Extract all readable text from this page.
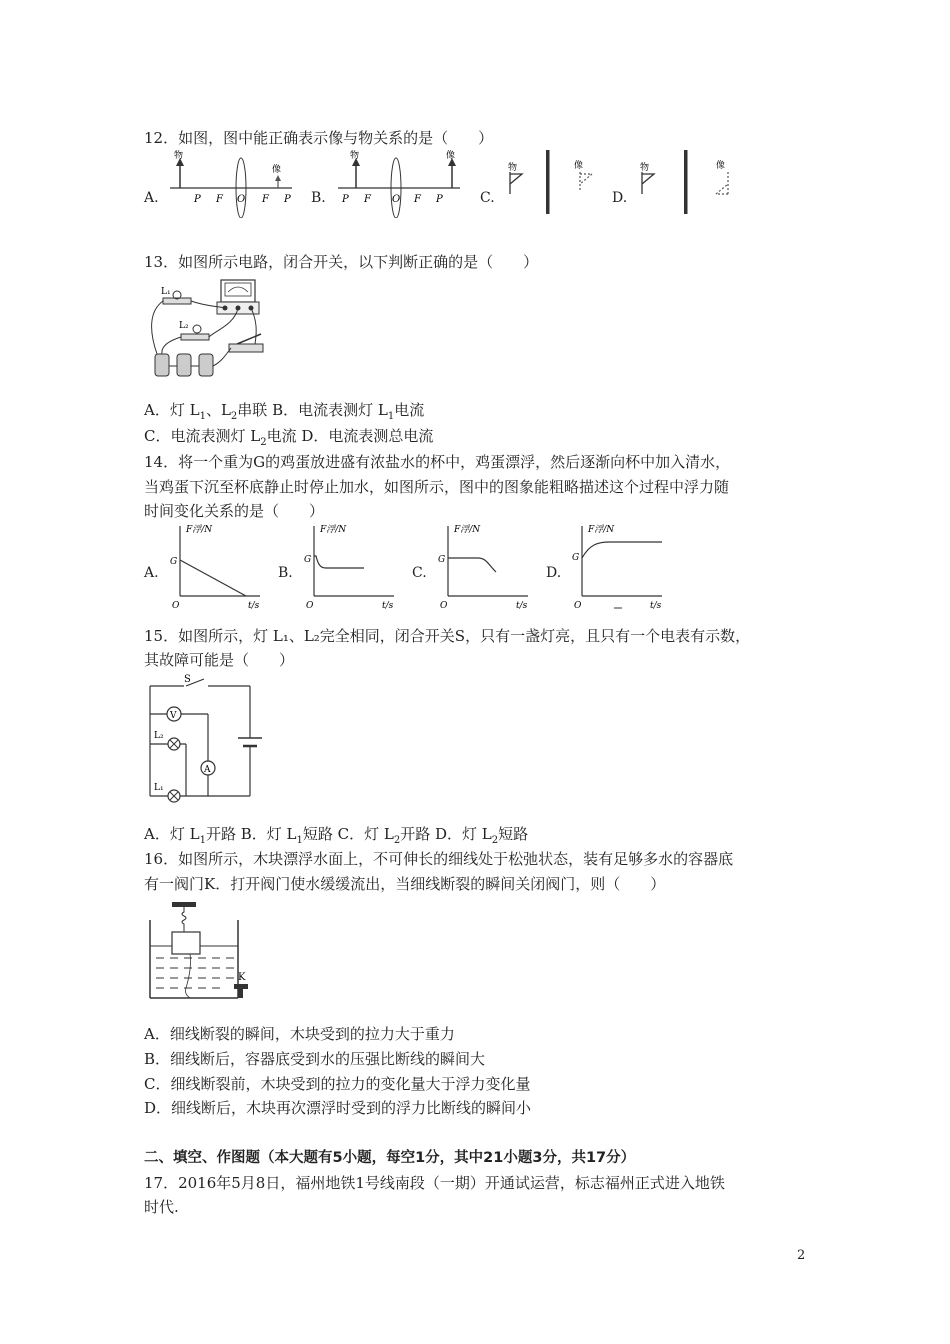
12．如图，图中能正确表示像与物关系的是（　　）
A.	B.	C.	D.
物
像
P F O F P
物	像
P F O F P
物	像	物	像
13．如图所示电路，闭合开关，以下判断正确的是（　　）
L₁
L₂
A．灯 $L_1$、$L_2$串联 B．电流表测灯 $L_1$电流
C．电流表测灯 $L_2$电流 D．电流表测总电流
14．将一个重为G的鸡蛋放进盛有浓盐水的杯中，鸡蛋漂浮，然后逐渐向杯中加入清水，
当鸡蛋下沉至杯底静止时停止加水，如图所示，图中的图象能粗略描述这个过程中浮力随
时间变化关系的是（　　）
A.	B.	C.	D.
F浮/N
G
O	t/s
F浮/N
G
O	t/s
F浮/N
G
O	t/s
F浮/N
G
O	t/s
15．如图所示，灯 L₁、L₂完全相同，闭合开关S，只有一盏灯亮，且只有一个电表有示数，
其故障可能是（　　）
S
V
L₂
A
L₁
A．灯 $L_1$开路 B．灯 $L_1$短路 C．灯 $L_2$开路 D．灯 $L_2$短路
16．如图所示，木块漂浮水面上，不可伸长的细线处于松弛状态，装有足够多水的容器底
有一阀门K．打开阀门使水缓缓流出，当细线断裂的瞬间关闭阀门，则（　　）
K
A．细线断裂的瞬间，木块受到的拉力大于重力
B．细线断后，容器底受到水的压强比断线的瞬间大
C．细线断裂前，木块受到的拉力的变化量大于浮力变化量
D．细线断后，木块再次漂浮时受到的浮力比断线的瞬间小
二、填空、作图题（本大题有5小题，每空1分，其中21小题3分，共17分）
17．2016年5月8日，福州地铁1号线南段（一期）开通试运营，标志福州正式进入地铁
时代.
2
